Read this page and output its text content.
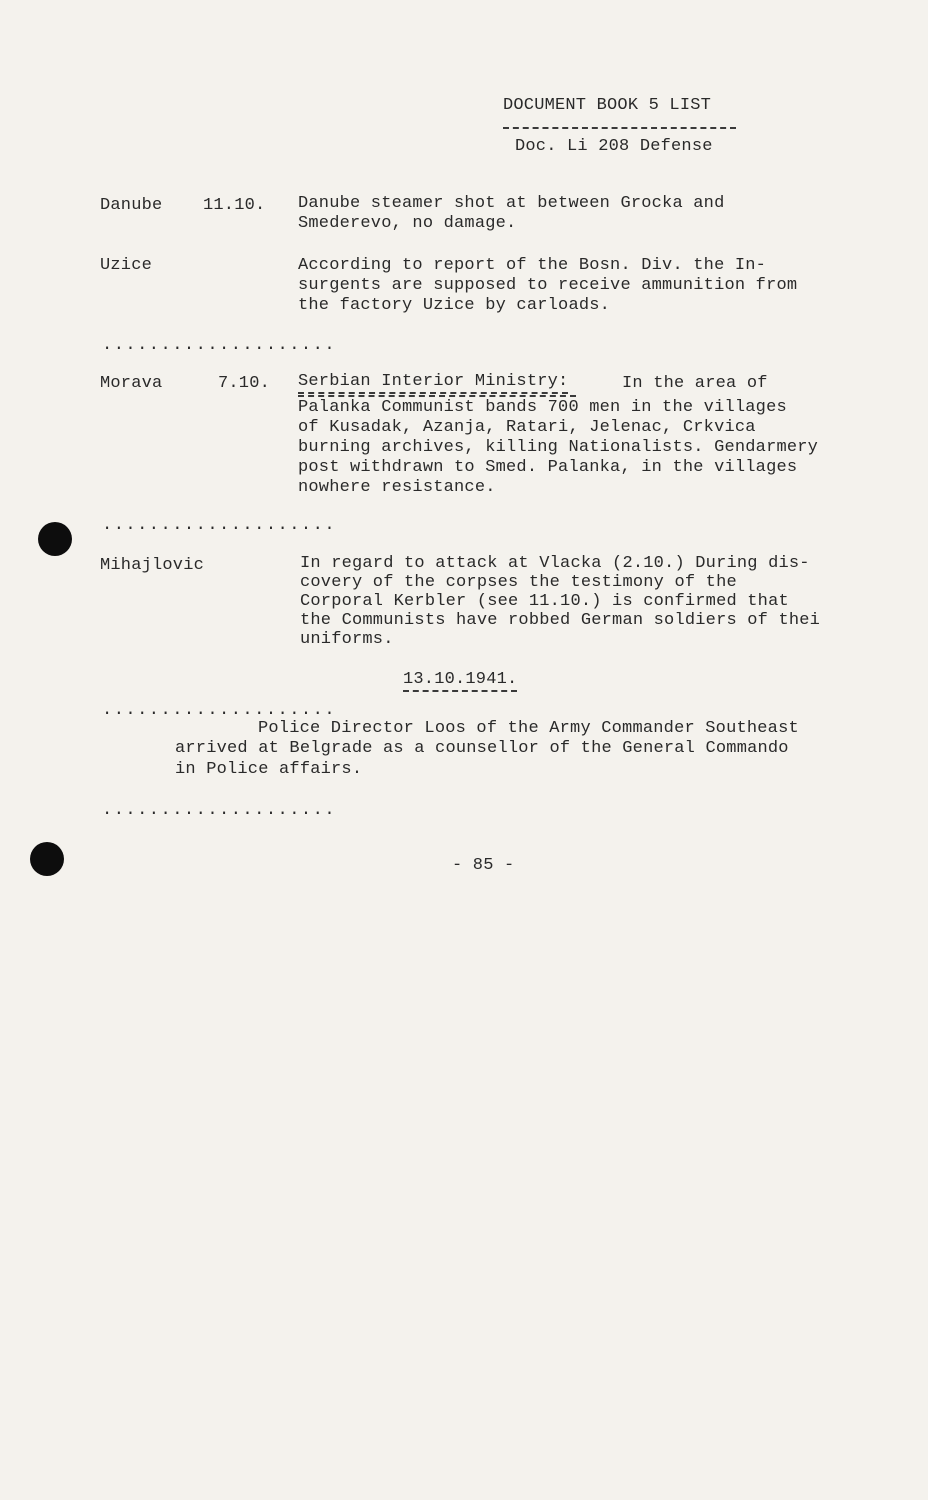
DOCUMENT BOOK 5 LIST
Doc. Li 208 Defense
Danube 11.10. Danube steamer shot at between Grocka and
Smederevo, no damage.
Uzice	According to report of the Bosn. Div. the In-
surgents are supposed to receive ammunition from
the factory Uzice by carloads.
....................
Morava	7.10. Serbian Interior Ministry:	In the area of
Palanka Communist bands 700 men in the villages
of Kusadak, Azanja, Ratari, Jelenac, Crkvica
burning archives, killing Nationalists. Gendarmery
post withdrawn to Smed. Palanka, in the villages
nowhere resistance.
....................
Mihajlovic	In regard to attack at Vlacka (2.10.) During dis-
covery of the corpses the testimony of the
Corporal Kerbler (see 11.10.) is confirmed that
the Communists have robbed German soldiers of thei
uniforms.
13.10.1941.
....................
Police Director Loos of the Army Commander Southeast
arrived at Belgrade as a counsellor of the General Commando
in Police affairs.
....................
- 85 -
